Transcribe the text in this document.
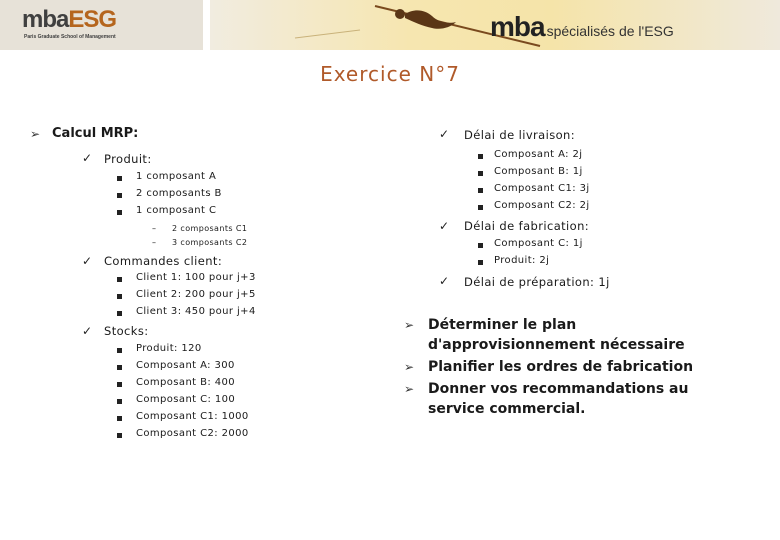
mbaESG
Paris Graduate School of Management	mba spécialisés de l'ESG
Exercice N°7
➢ Calcul MRP:
✓ Produit:
1 composant A
2 composants B
1 composant C
– 2 composants C1
– 3 composants C2
✓ Commandes client:
Client 1: 100 pour j+3
Client 2: 200 pour j+5
Client 3: 450 pour j+4
✓ Stocks:
Produit: 120
Composant A: 300
Composant B: 400
Composant C: 100
Composant C1: 1000
Composant C2: 2000
✓ Délai de livraison:
Composant A: 2j
Composant B: 1j
Composant C1: 3j
Composant C2: 2j
✓ Délai de fabrication:
Composant C: 1j
Produit: 2j
✓ Délai de préparation: 1j
➢ Déterminer le plan
d'approvisionnement nécessaire
➢ Planifier les ordres de fabrication
➢ Donner vos recommandations au
service commercial.
